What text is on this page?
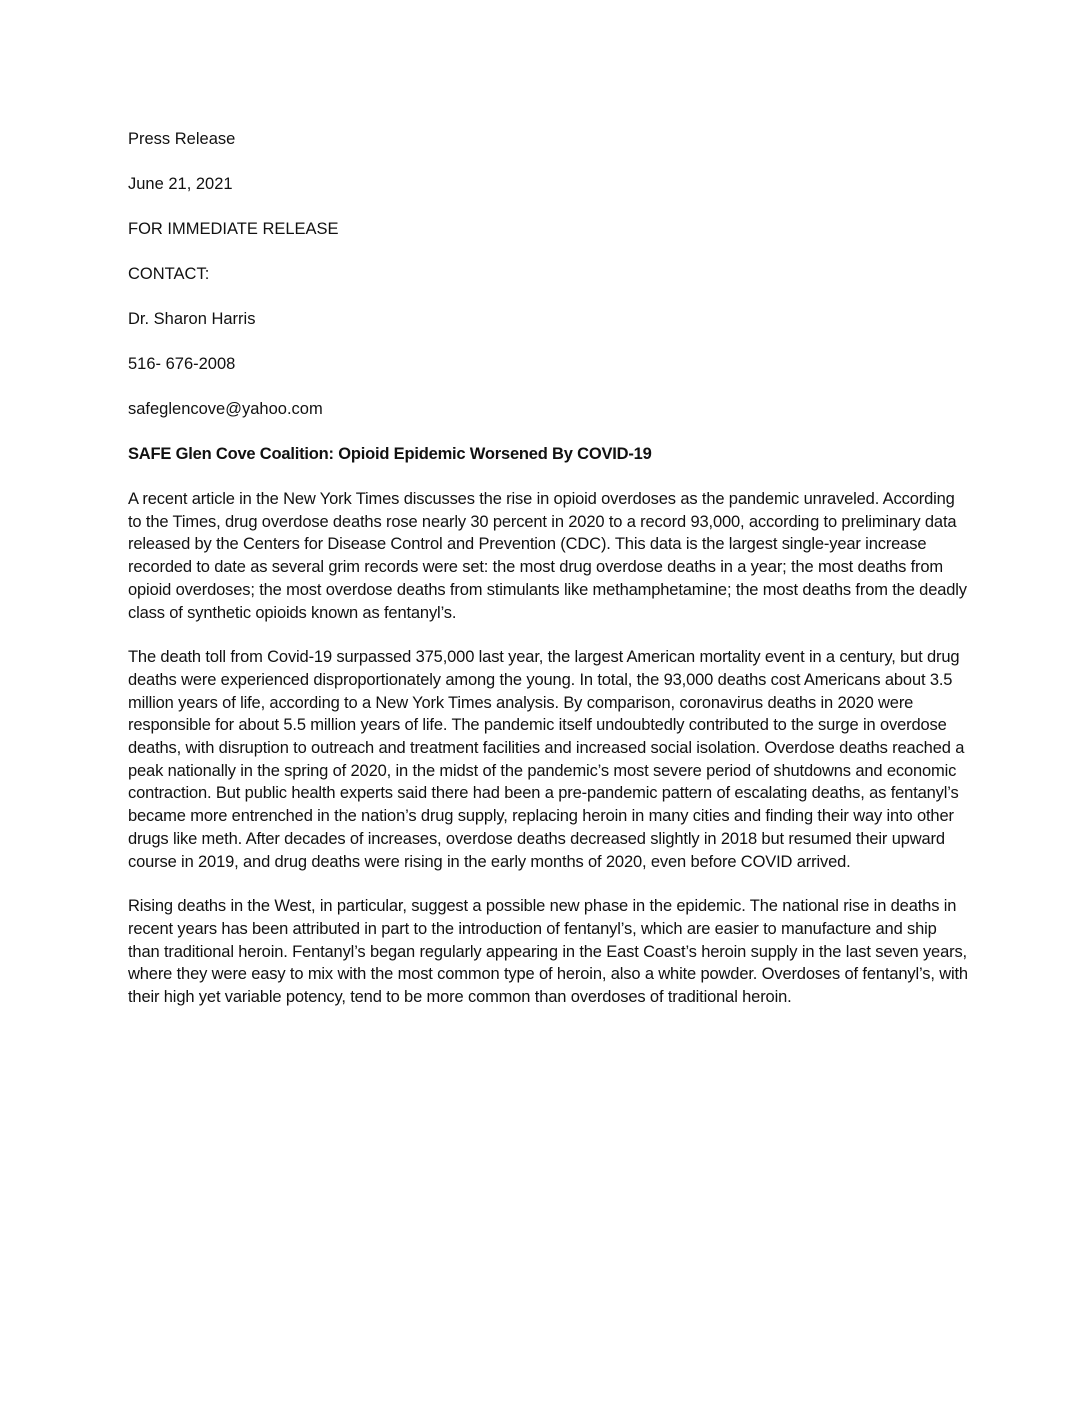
Press Release

June 21, 2021

FOR IMMEDIATE RELEASE

CONTACT:

Dr. Sharon Harris

516- 676-2008

safeglencove@yahoo.com

SAFE Glen Cove Coalition: Opioid Epidemic Worsened By COVID-19

A recent article in the New York Times discusses the rise in opioid overdoses as the pandemic unraveled. According to the Times, drug overdose deaths rose nearly 30 percent in 2020 to a record 93,000, according to preliminary data released by the Centers for Disease Control and Prevention (CDC). This data is the largest single-year increase recorded to date as several grim records were set: the most drug overdose deaths in a year; the most deaths from opioid overdoses; the most overdose deaths from stimulants like methamphetamine; the most deaths from the deadly class of synthetic opioids known as fentanyl’s.

The death toll from Covid-19 surpassed 375,000 last year, the largest American mortality event in a century, but drug deaths were experienced disproportionately among the young. In total, the 93,000 deaths cost Americans about 3.5 million years of life, according to a New York Times analysis. By comparison, coronavirus deaths in 2020 were responsible for about 5.5 million years of life. The pandemic itself undoubtedly contributed to the surge in overdose deaths, with disruption to outreach and treatment facilities and increased social isolation. Overdose deaths reached a peak nationally in the spring of 2020, in the midst of the pandemic’s most severe period of shutdowns and economic contraction. But public health experts said there had been a pre-pandemic pattern of escalating deaths, as fentanyl’s became more entrenched in the nation’s drug supply, replacing heroin in many cities and finding their way into other drugs like meth. After decades of increases, overdose deaths decreased slightly in 2018 but resumed their upward course in 2019, and drug deaths were rising in the early months of 2020, even before COVID arrived.

Rising deaths in the West, in particular, suggest a possible new phase in the epidemic. The national rise in deaths in recent years has been attributed in part to the introduction of fentanyl’s, which are easier to manufacture and ship than traditional heroin. Fentanyl’s began regularly appearing in the East Coast’s heroin supply in the last seven years, where they were easy to mix with the most common type of heroin, also a white powder. Overdoses of fentanyl’s, with their high yet variable potency, tend to be more common than overdoses of traditional heroin.
